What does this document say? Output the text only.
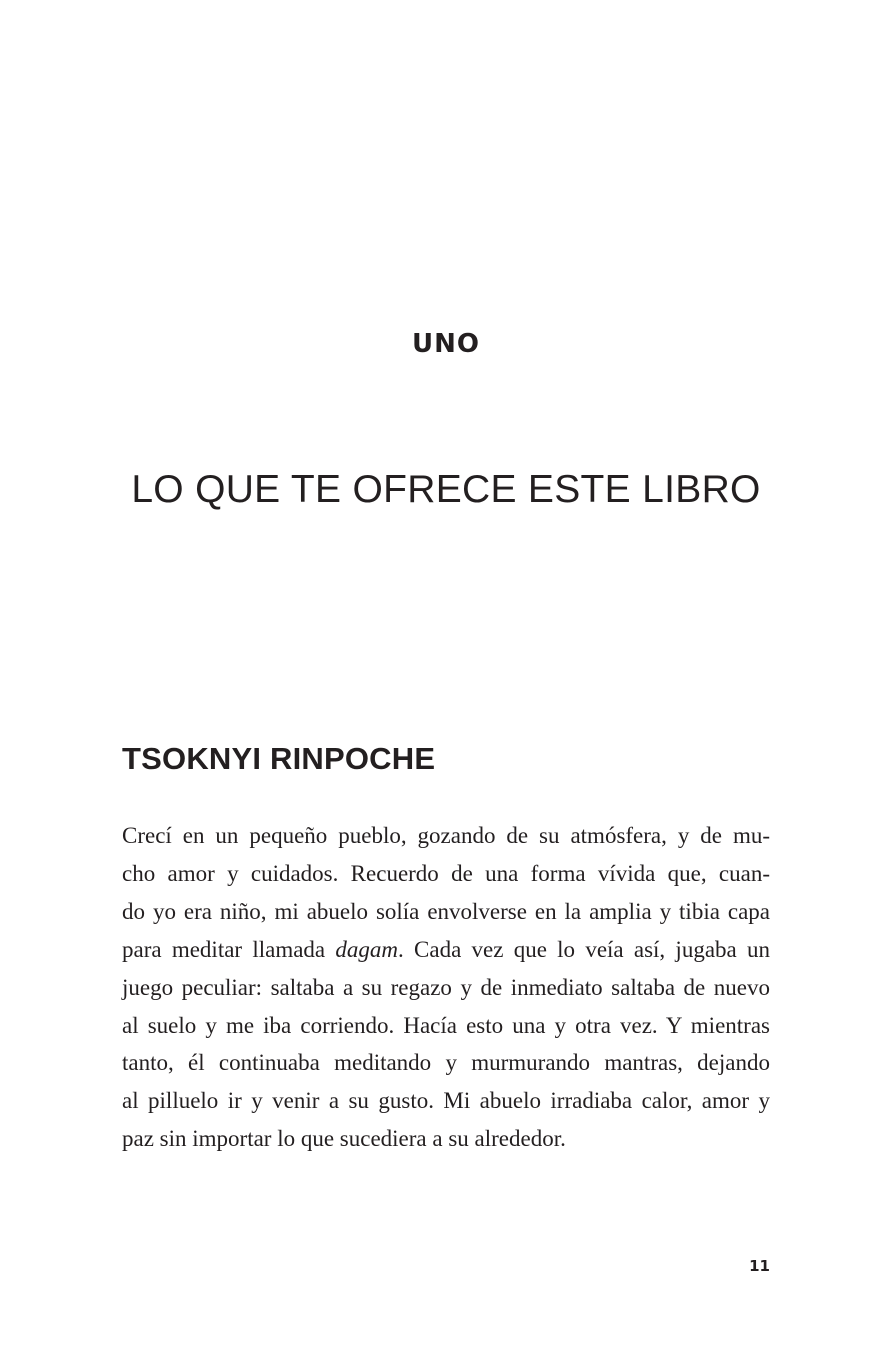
UNO
LO QUE TE OFRECE ESTE LIBRO
TSOKNYI RINPOCHE

Crecí en un pequeño pueblo, gozando de su atmósfera, y de mu-
cho amor y cuidados. Recuerdo de una forma vívida que, cuan-
do yo era niño, mi abuelo solía envolverse en la amplia y tibia capa
para meditar llamada dagam. Cada vez que lo veía así, jugaba un
juego peculiar: saltaba a su regazo y de inmediato saltaba de nuevo
al suelo y me iba corriendo. Hacía esto una y otra vez. Y mientras
tanto, él continuaba meditando y murmurando mantras, dejando
al pilluelo ir y venir a su gusto. Mi abuelo irradiaba calor, amor y
paz sin importar lo que sucediera a su alrededor.

11
